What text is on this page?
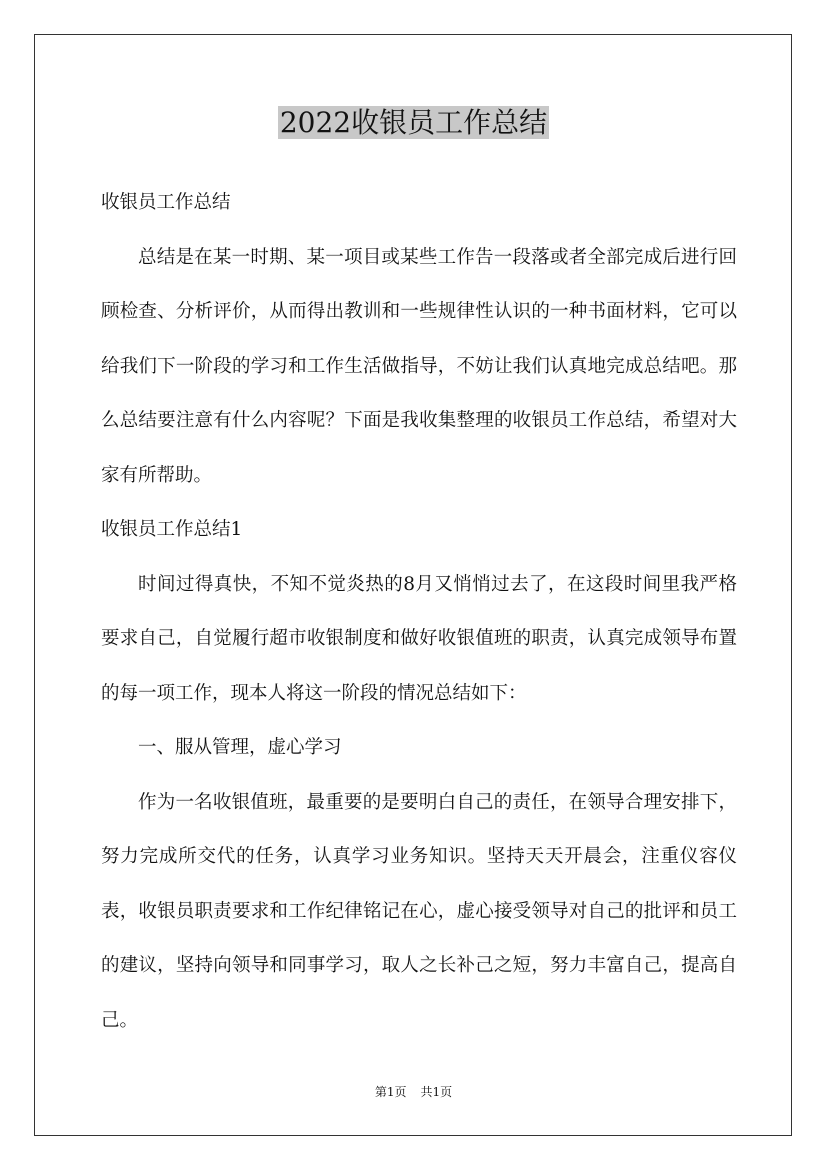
2022收银员工作总结

收银员工作总结

总结是在某一时期、某一项目或某些工作告一段落或者全部完成后进行回顾检查、分析评价，从而得出教训和一些规律性认识的一种书面材料，它可以给我们下一阶段的学习和工作生活做指导，不妨让我们认真地完成总结吧。那么总结要注意有什么内容呢？下面是我收集整理的收银员工作总结，希望对大家有所帮助。

收银员工作总结1

时间过得真快，不知不觉炎热的8月又悄悄过去了，在这段时间里我严格要求自己，自觉履行超市收银制度和做好收银值班的职责，认真完成领导布置的每一项工作，现本人将这一阶段的情况总结如下：

一、服从管理，虚心学习

作为一名收银值班，最重要的是要明白自己的责任，在领导合理安排下，努力完成所交代的任务，认真学习业务知识。坚持天天开晨会，注重仪容仪表，收银员职责要求和工作纪律铭记在心，虚心接受领导对自己的批评和员工的建议，坚持向领导和同事学习，取人之长补己之短，努力丰富自己，提高自己。

第1页 共1页
